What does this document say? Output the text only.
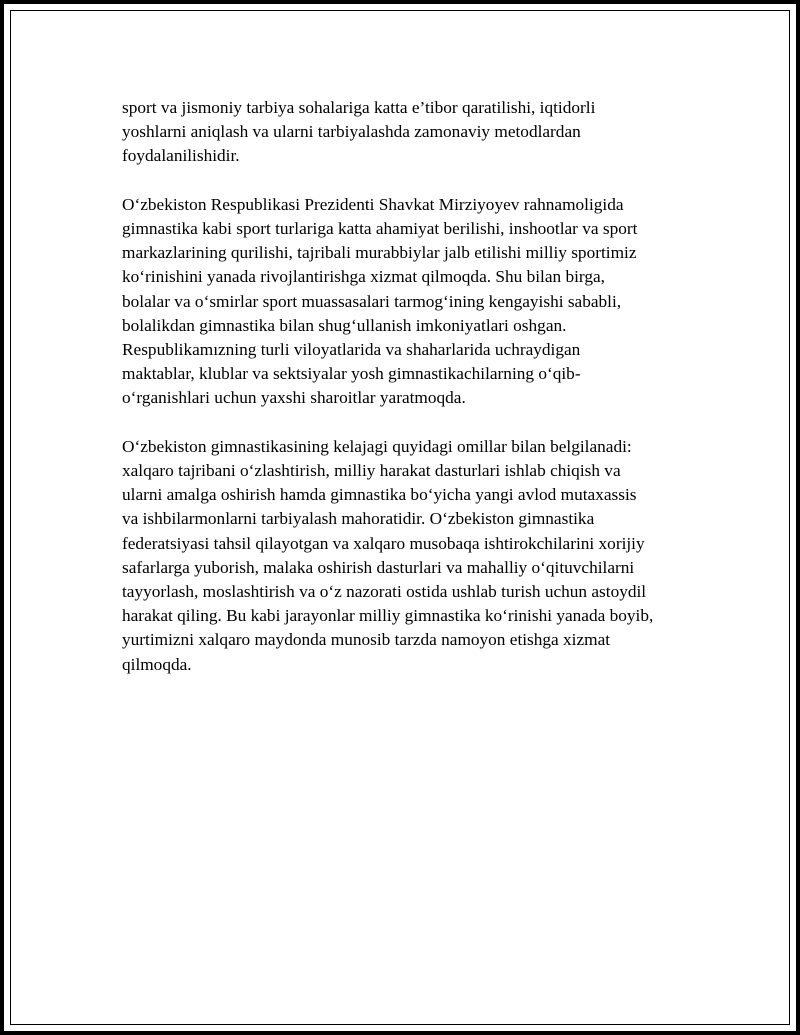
sport va jismoniy tarbiya sohalariga katta e’tibor qaratilishi, iqtidorli
yoshlarni aniqlash va ularni tarbiyalashda zamonaviy metodlardan
foydalanilishidir.

O‘zbekiston Respublikasi Prezidenti Shavkat Mirziyoyev rahnamoligida
gimnastika kabi sport turlariga katta ahamiyat berilishi, inshootlar va sport
markazlarining qurilishi, tajribali murabbiylar jalb etilishi milliy sportimiz
ko‘rinishini yanada rivojlantirishga xizmat qilmoqda. Shu bilan birga,
bolalar va o‘smirlar sport muassasalari tarmog‘ining kengayishi sababli,
bolalikdan gimnastika bilan shug‘ullanish imkoniyatlari oshgan.
Respublikamızning turli viloyatlarida va shaharlarida uchraydigan
maktablar, klublar va sektsiyalar yosh gimnastikachilarning o‘qib-
o‘rganishlari uchun yaxshi sharoitlar yaratmoqda.

O‘zbekiston gimnastikasining kelajagi quyidagi omillar bilan belgilanadi:
xalqaro tajribani o‘zlashtirish, milliy harakat dasturlari ishlab chiqish va
ularni amalga oshirish hamda gimnastika bo‘yicha yangi avlod mutaxassis
va ishbilarmonlarni tarbiyalash mahoratidir. O‘zbekiston gimnastika
federatsiyasi tahsil qilayotgan va xalqaro musobaqa ishtirokchilarini xorijiy
safarlarga yuborish, malaka oshirish dasturlari va mahalliy o‘qituvchilarni
tayyorlash, moslashtirish va o‘z nazorati ostida ushlab turish uchun astoydil
harakat qiling. Bu kabi jarayonlar milliy gimnastika ko‘rinishi yanada boyib,
yurtimizni xalqaro maydonda munosib tarzda namoyon etishga xizmat
qilmoqda.
